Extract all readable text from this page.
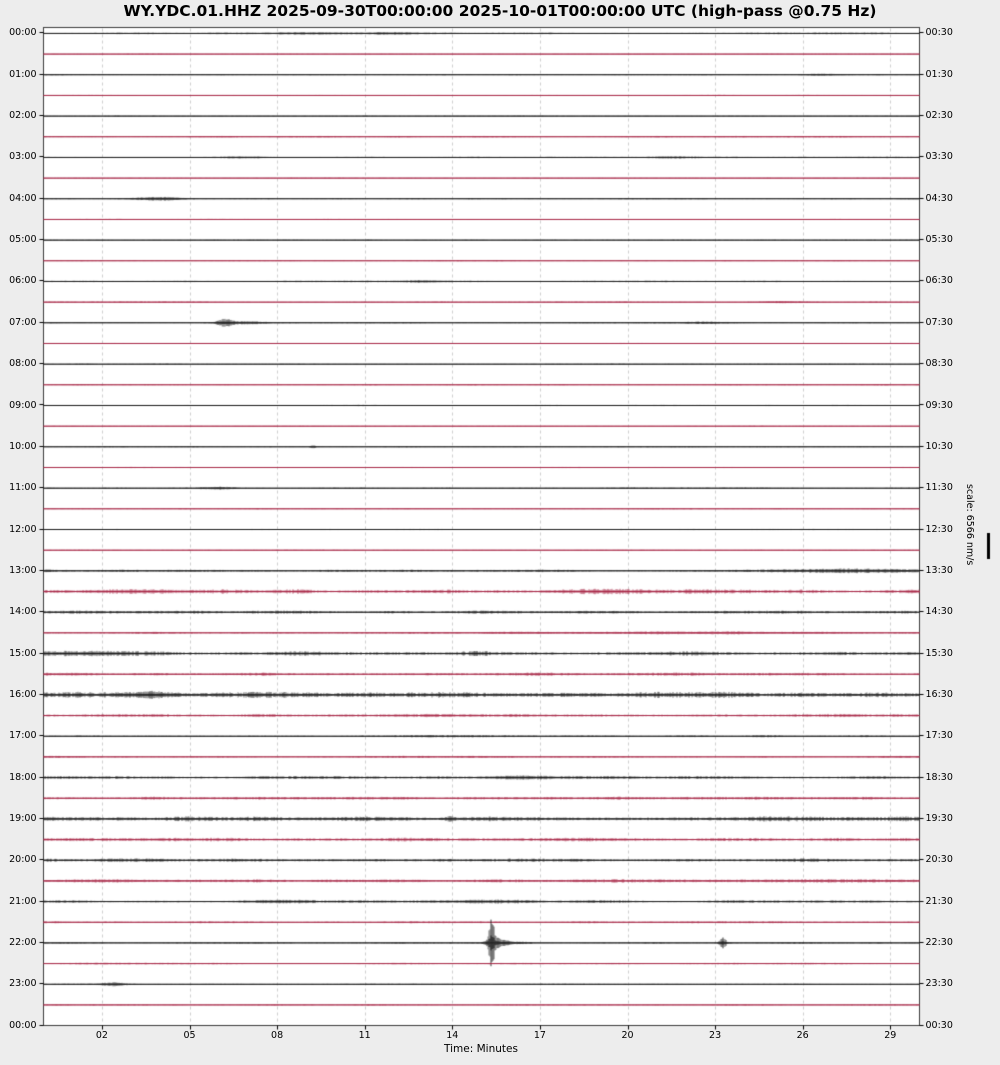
00:00
01:00
02:00
03:00
04:00
05:00
06:00
07:00
08:00
09:00
10:00
11:00
12:00
13:00
14:00
15:00
16:00
17:00
18:00
19:00
20:00
21:00
22:00
23:00
00:00
00:30
01:30
02:30
03:30
04:30
05:30
06:30
07:30
08:30
09:30
10:30
11:30
12:30
13:30
14:30
15:30
16:30
17:30
18:30
19:30
20:30
21:30
22:30
23:30
00:30
02	05	08	11	14	17	20	23	26	29
Time: Minutes
scale: 6566 nm/s
